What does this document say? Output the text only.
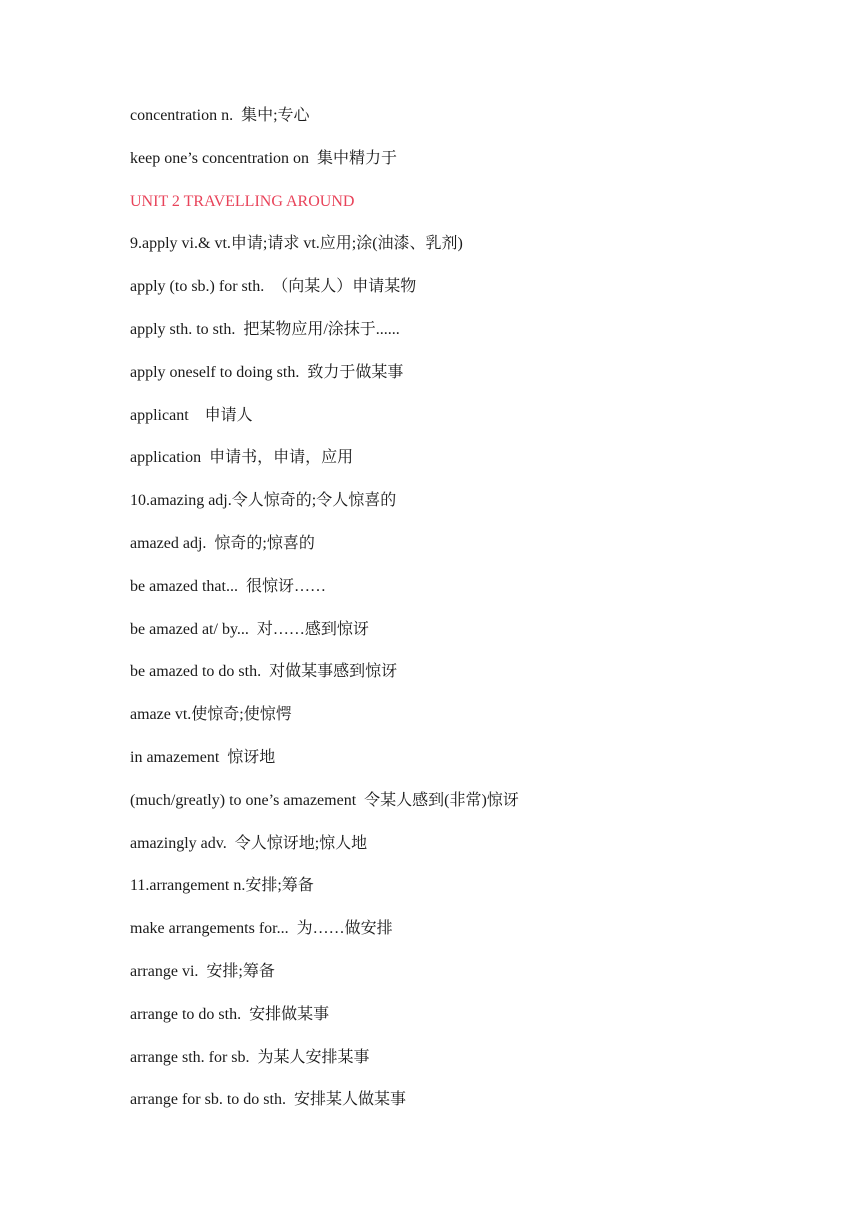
concentration n.  集中;专心
keep one’s concentration on  集中精力于
UNIT 2 TRAVELLING AROUND
9.apply vi.& vt.申请;请求 vt.应用;涂(油漆、乳剂)
apply (to sb.) for sth.  （向某人）申请某物
apply sth. to sth.  把某物应用/涂抹于......
apply oneself to doing sth.  致力于做某事
applicant    申请人
application  申请书，申请，应用
10.amazing adj.令人惊奇的;令人惊喜的
amazed adj.  惊奇的;惊喜的
be amazed that...  很惊讶……
be amazed at/ by...  对……感到惊讶
be amazed to do sth.  对做某事感到惊讶
amaze vt.使惊奇;使惊愕
in amazement  惊讶地
(much/greatly) to one’s amazement  令某人感到(非常)惊讶
amazingly adv.  令人惊讶地;惊人地
11.arrangement n.安排;筹备
make arrangements for...  为……做安排
arrange vi.  安排;筹备
arrange to do sth.  安排做某事
arrange sth. for sb.  为某人安排某事
arrange for sb. to do sth.  安排某人做某事
